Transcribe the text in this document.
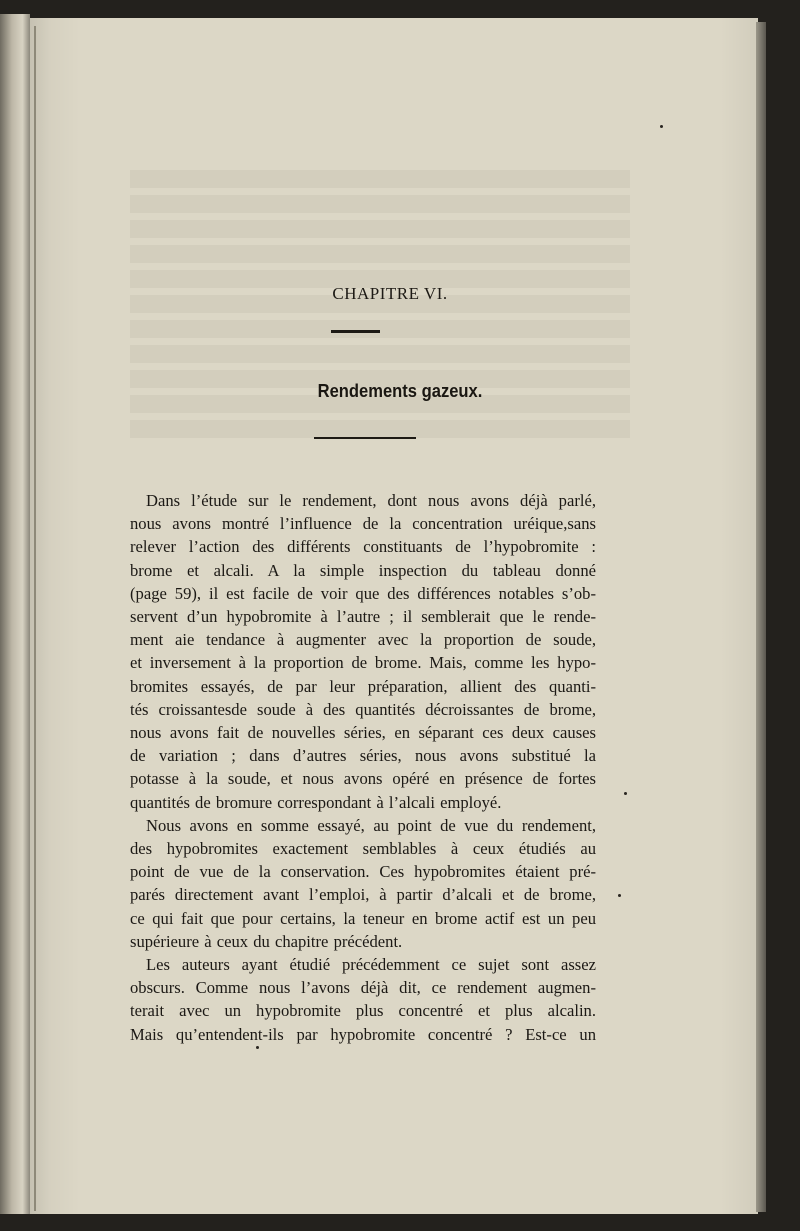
CHAPITRE VI.
Rendements gazeux.
Dans l’étude sur le rendement, dont nous avons déjà parlé,
nous avons montré l’influence de la concentration uréique,sans
relever l’action des différents constituants de l’hypobromite :
brome et alcali. A la simple inspection du tableau donné
(page 59), il est facile de voir que des différences notables s’ob-
servent d’un hypobromite à l’autre ; il semblerait que le rende-
ment aie tendance à augmenter avec la proportion de soude,
et inversement à la proportion de brome. Mais, comme les hypo-
bromites essayés, de par leur préparation, allient des quanti-
tés croissantesde soude à des quantités décroissantes de brome,
nous avons fait de nouvelles séries, en séparant ces deux causes
de variation ; dans d’autres séries, nous avons substitué la
potasse à la soude, et nous avons opéré en présence de fortes
quantités de bromure correspondant à l’alcali employé.
Nous avons en somme essayé, au point de vue du rendement,
des hypobromites exactement semblables à ceux étudiés au
point de vue de la conservation. Ces hypobromites étaient pré-
parés directement avant l’emploi, à partir d’alcali et de brome,
ce qui fait que pour certains, la teneur en brome actif est un peu
supérieure à ceux du chapitre précédent.
Les auteurs ayant étudié précédemment ce sujet sont assez
obscurs. Comme nous l’avons déjà dit, ce rendement augmen-
terait avec un hypobromite plus concentré et plus alcalin.
Mais qu’entendent-ils par hypobromite concentré ? Est-ce un
